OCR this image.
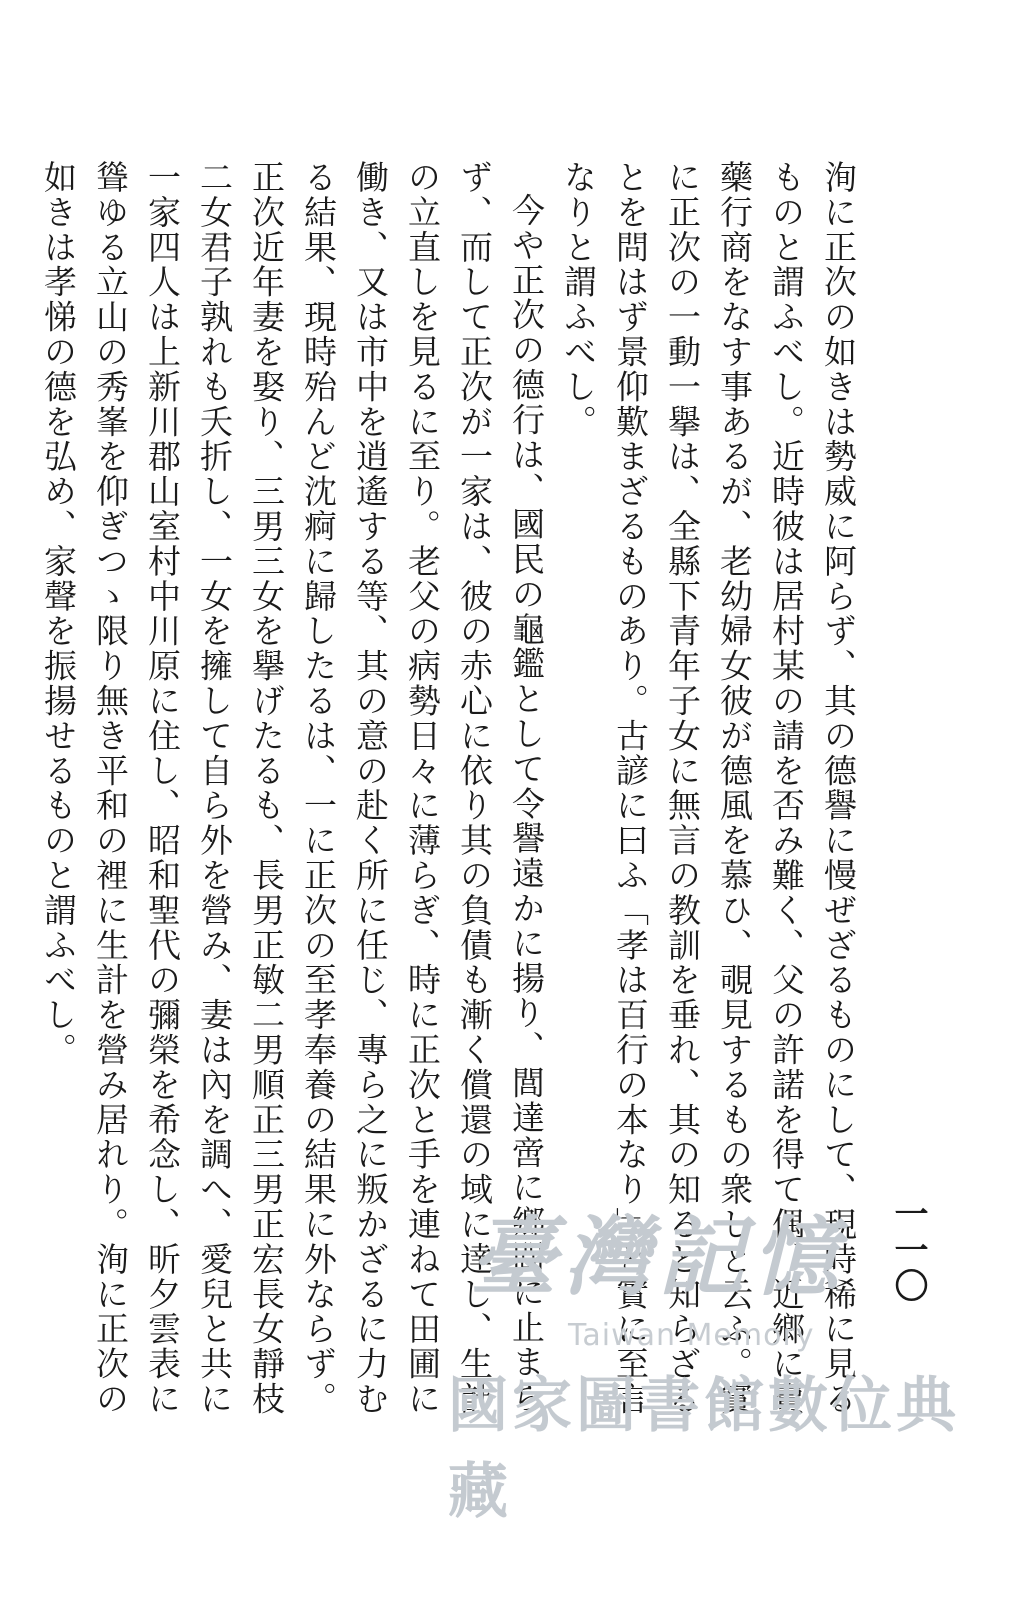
一一〇

洵に正次の如きは勢威に阿らず、其の德譽に慢ぜざるものにして、現時稀に見るものと謂ふべし。近時彼は居村某の請を否み難く、父の許諾を得て偶、近鄉に賣藥行商をなす事あるが、老幼婦女彼が德風を慕ひ、覗見するもの衆しと云ふ。實に正次の一動一擧は、全縣下青年子女に無言の教訓を垂れ、其の知ると知らざるとを問はず景仰歎まざるものあり。古諺に曰ふ「孝は百行の本なり」と實に至言なりと謂ふべし。

今や正次の德行は、國民の龜鑑として令譽遠かに揚り、閭達啻に鄉閭に止まらず、而して正次が一家は、彼の赤心に依り其の負債も漸く償還の域に達し、生計の立直しを見るに至り。老父の病勢日々に薄らぎ、時に正次と手を連ねて田圃に働き、又は市中を逍遙する等、其の意の赴く所に任じ、專ら之に叛かざるに力むる結果、現時殆んど沈痾に歸したるは、一に正次の至孝奉養の結果に外ならず。正次近年妻を娶り、三男三女を擧げたるも、長男正敏二男順正三男正宏長女靜枝二女君子孰れも夭折し、一女を擁して自ら外を營み、妻は內を調へ、愛兒と共に一家四人は上新川郡山室村中川原に住し、昭和聖代の彌榮を希念し、昕夕雲表に聳ゆる立山の秀峯を仰ぎつゝ限り無き平和の裡に生計を營み居れり。洵に正次の如きは孝悌の德を弘め、家聲を振揚せるものと謂ふべし。

臺灣記憶
Taiwan Memory
國家圖書館數位典藏
